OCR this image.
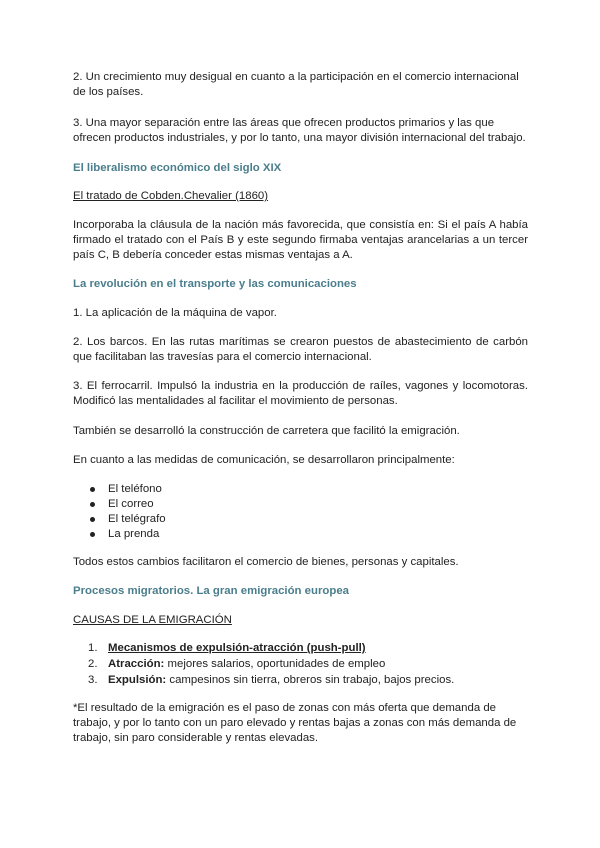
2. Un crecimiento muy desigual en cuanto a la participación en el comercio internacional de los países.

3. Una mayor separación entre las áreas que ofrecen productos primarios y las que ofrecen productos industriales, y por lo tanto, una mayor división internacional del trabajo.

El liberalismo económico del siglo XIX

El tratado de Cobden.Chevalier (1860)

Incorporaba la cláusula de la nación más favorecida, que consistía en: Si el país A había firmado el tratado con el País B y este segundo firmaba ventajas arancelarias a un tercer país C, B debería conceder estas mismas ventajas a A.

La revolución en el transporte y las comunicaciones

1. La aplicación de la máquina de vapor.

2. Los barcos. En las rutas marítimas se crearon puestos de abastecimiento de carbón que facilitaban las travesías para el comercio internacional.

3. El ferrocarril. Impulsó la industria en la producción de raíles, vagones y locomotoras. Modificó las mentalidades al facilitar el movimiento de personas.

También se desarrolló la construcción de carretera que facilitó la emigración.

En cuanto a las medidas de comunicación, se desarrollaron principalmente:

El teléfono
El correo
El telégrafo
La prenda

Todos estos cambios facilitaron el comercio de bienes, personas y capitales.

Procesos migratorios. La gran emigración europea

CAUSAS DE LA EMIGRACIÓN

1. Mecanismos de expulsión-atracción (push-pull)
2. Atracción: mejores salarios, oportunidades de empleo
3. Expulsión: campesinos sin tierra, obreros sin trabajo, bajos precios.

*El resultado de la emigración es el paso de zonas con más oferta que demanda de trabajo, y por lo tanto con un paro elevado y rentas bajas a zonas con más demanda de trabajo, sin paro considerable y rentas elevadas.
